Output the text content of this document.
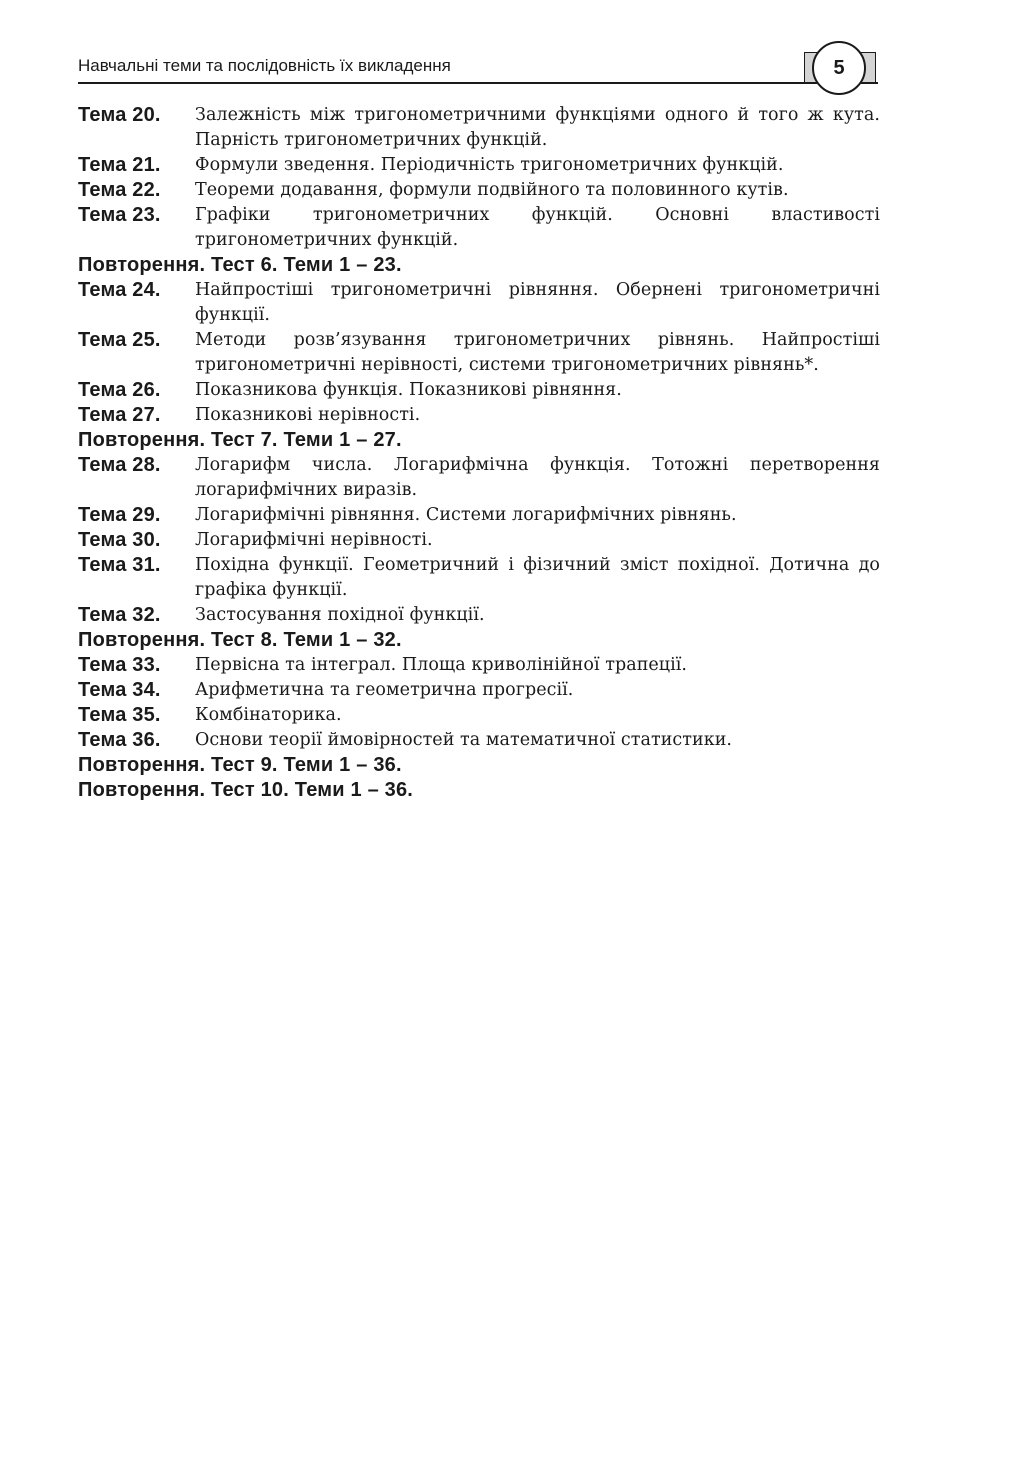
Навчальні теми та послідовність їх викладення	5
Тема 20.	Залежність між тригонометричними функціями одного й того ж кута. Парність тригонометричних функцій.
Тема 21.	Формули зведення. Періодичність тригонометричних функцій.
Тема 22.	Теореми додавання, формули подвійного та половинного кутів.
Тема 23.	Графіки тригонометричних функцій. Основні властивості тригонометричних функцій.
Повторення. Тест 6. Теми 1 – 23.
Тема 24.	Найпростіші тригонометричні рівняння. Обернені тригонометричні функції.
Тема 25.	Методи розв’язування тригонометричних рівнянь. Найпростіші тригонометричні нерівності, системи тригонометричних рівнянь*.
Тема 26.	Показникова функція. Показникові рівняння.
Тема 27.	Показникові нерівності.
Повторення. Тест 7. Теми 1 – 27.
Тема 28.	Логарифм числа. Логарифмічна функція. Тотожні перетворення логарифмічних виразів.
Тема 29.	Логарифмічні рівняння. Системи логарифмічних рівнянь.
Тема 30.	Логарифмічні нерівності.
Тема 31.	Похідна функції. Геометричний і фізичний зміст похідної. Дотична до графіка функції.
Тема 32.	Застосування похідної функції.
Повторення. Тест 8. Теми 1 – 32.
Тема 33.	Первісна та інтеграл. Площа криволінійної трапеції.
Тема 34.	Арифметична та геометрична прогресії.
Тема 35.	Комбінаторика.
Тема 36.	Основи теорії ймовірностей та математичної статистики.
Повторення. Тест 9. Теми 1 – 36.
Повторення. Тест 10. Теми 1 – 36.
